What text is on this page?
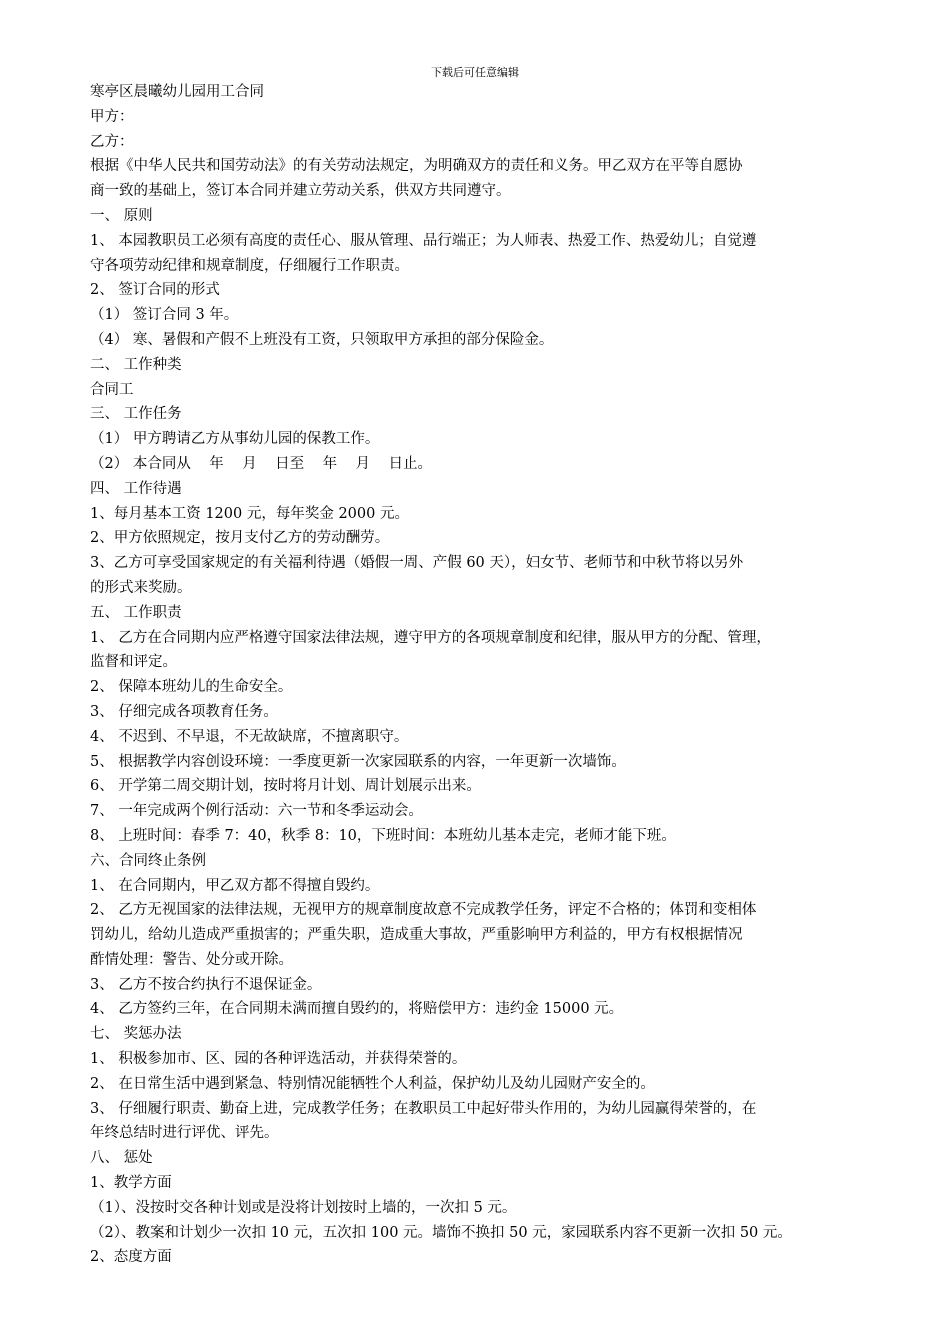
下载后可任意编辑
寒亭区晨曦幼儿园用工合同
甲方：
乙方：
根据《中华人民共和国劳动法》的有关劳动法规定，为明确双方的责任和义务。甲乙双方在平等自愿协
商一致的基础上，签订本合同并建立劳动关系，供双方共同遵守。
一、 原则
1、 本园教职员工必须有高度的责任心、服从管理、品行端正；为人师表、热爱工作、热爱幼儿；自觉遵
守各项劳动纪律和规章制度，仔细履行工作职责。
2、 签订合同的形式
（1） 签订合同 3 年。
（4） 寒、暑假和产假不上班没有工资，只领取甲方承担的部分保险金。
二、 工作种类
合同工
三、 工作任务
（1） 甲方聘请乙方从事幼儿园的保教工作。
（2） 本合同从    年    月    日至    年    月    日止。
四、 工作待遇
1、每月基本工资 1200 元，每年奖金 2000 元。
2、甲方依照规定，按月支付乙方的劳动酬劳。
3、乙方可享受国家规定的有关福利待遇（婚假一周、产假 60 天），妇女节、老师节和中秋节将以另外
的形式来奖励。
五、 工作职责
1、 乙方在合同期内应严格遵守国家法律法规，遵守甲方的各项规章制度和纪律，服从甲方的分配、管理，
监督和评定。
2、 保障本班幼儿的生命安全。
3、 仔细完成各项教育任务。
4、 不迟到、不早退，不无故缺席，不擅离职守。
5、 根据教学内容创设环境：一季度更新一次家园联系的内容，一年更新一次墙饰。
6、 开学第二周交期计划，按时将月计划、周计划展示出来。
7、 一年完成两个例行活动：六一节和冬季运动会。
8、 上班时间：春季 7：40，秋季 8：10，下班时间：本班幼儿基本走完，老师才能下班。
六、合同终止条例
1、 在合同期内，甲乙双方都不得擅自毁约。
2、 乙方无视国家的法律法规，无视甲方的规章制度故意不完成教学任务，评定不合格的；体罚和变相体
罚幼儿，给幼儿造成严重损害的；严重失职，造成重大事故，严重影响甲方利益的，甲方有权根据情况
酢情处理：警告、处分或开除。
3、 乙方不按合约执行不退保证金。
4、 乙方签约三年，在合同期未满而擅自毁约的，将赔偿甲方：违约金 15000 元。
七、 奖惩办法
1、 积极参加市、区、园的各种评选活动，并获得荣誉的。
2、 在日常生活中遇到紧急、特别情况能牺牲个人利益，保护幼儿及幼儿园财产安全的。
3、 仔细履行职责、勤奋上进，完成教学任务；在教职员工中起好带头作用的，为幼儿园赢得荣誉的，在
年终总结时进行评优、评先。
八、 惩处
1、教学方面
（1）、没按时交各种计划或是没将计划按时上墙的，一次扣 5 元。
（2）、教案和计划少一次扣 10 元，五次扣 100 元。墙饰不换扣 50 元，家园联系内容不更新一次扣 50 元。
2、态度方面
